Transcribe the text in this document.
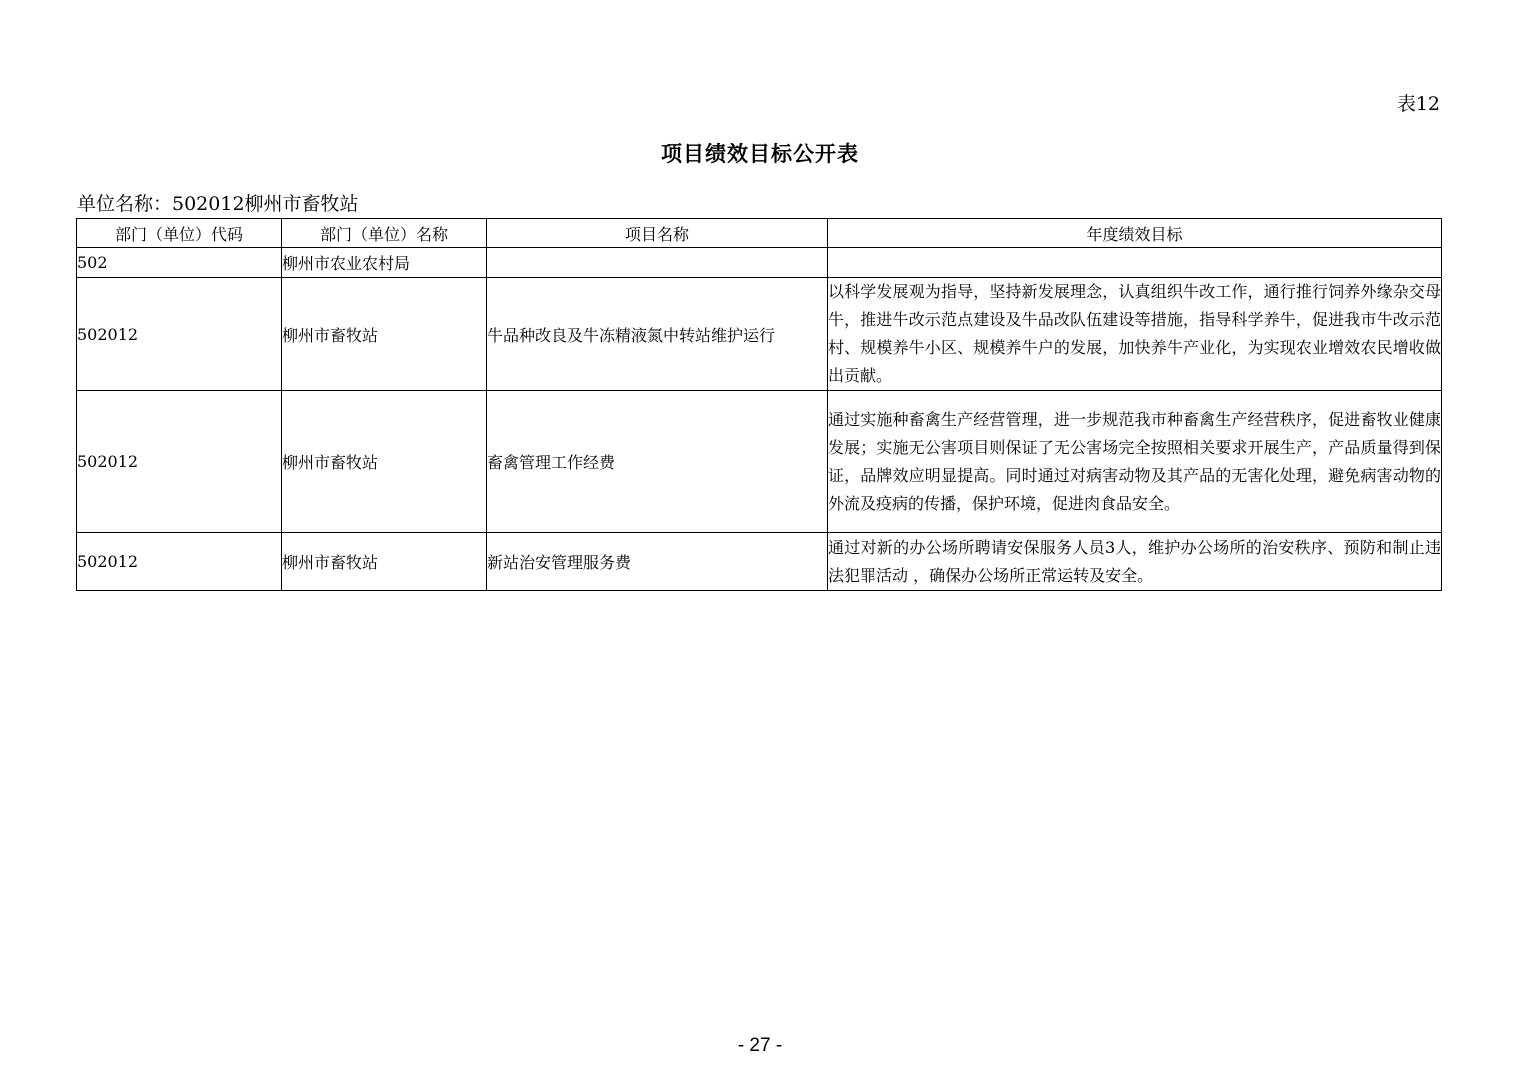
表12
项目绩效目标公开表
单位名称：502012柳州市畜牧站
部门（单位）代码	部门（单位）名称	项目名称	年度绩效目标
502	柳州市农业农村局		
502012	柳州市畜牧站	牛品种改良及牛冻精液氮中转站维护运行	以科学发展观为指导，坚持新发展理念，认真组织牛改工作，通行推行饲养外缘杂交母牛，推进牛改示范点建设及牛品改队伍建设等措施，指导科学养牛，促进我市牛改示范村、规模养牛小区、规模养牛户的发展，加快养牛产业化，为实现农业增效农民增收做出贡献。
502012	柳州市畜牧站	畜禽管理工作经费	通过实施种畜禽生产经营管理，进一步规范我市种畜禽生产经营秩序，促进畜牧业健康发展；实施无公害项目则保证了无公害场完全按照相关要求开展生产，产品质量得到保证，品牌效应明显提高。同时通过对病害动物及其产品的无害化处理，避免病害动物的外流及疫病的传播，保护环境，促进肉食品安全。
502012	柳州市畜牧站	新站治安管理服务费	通过对新的办公场所聘请安保服务人员3人，维护办公场所的治安秩序、预防和制止违法犯罪活动 ，确保办公场所正常运转及安全。
- 27 -
